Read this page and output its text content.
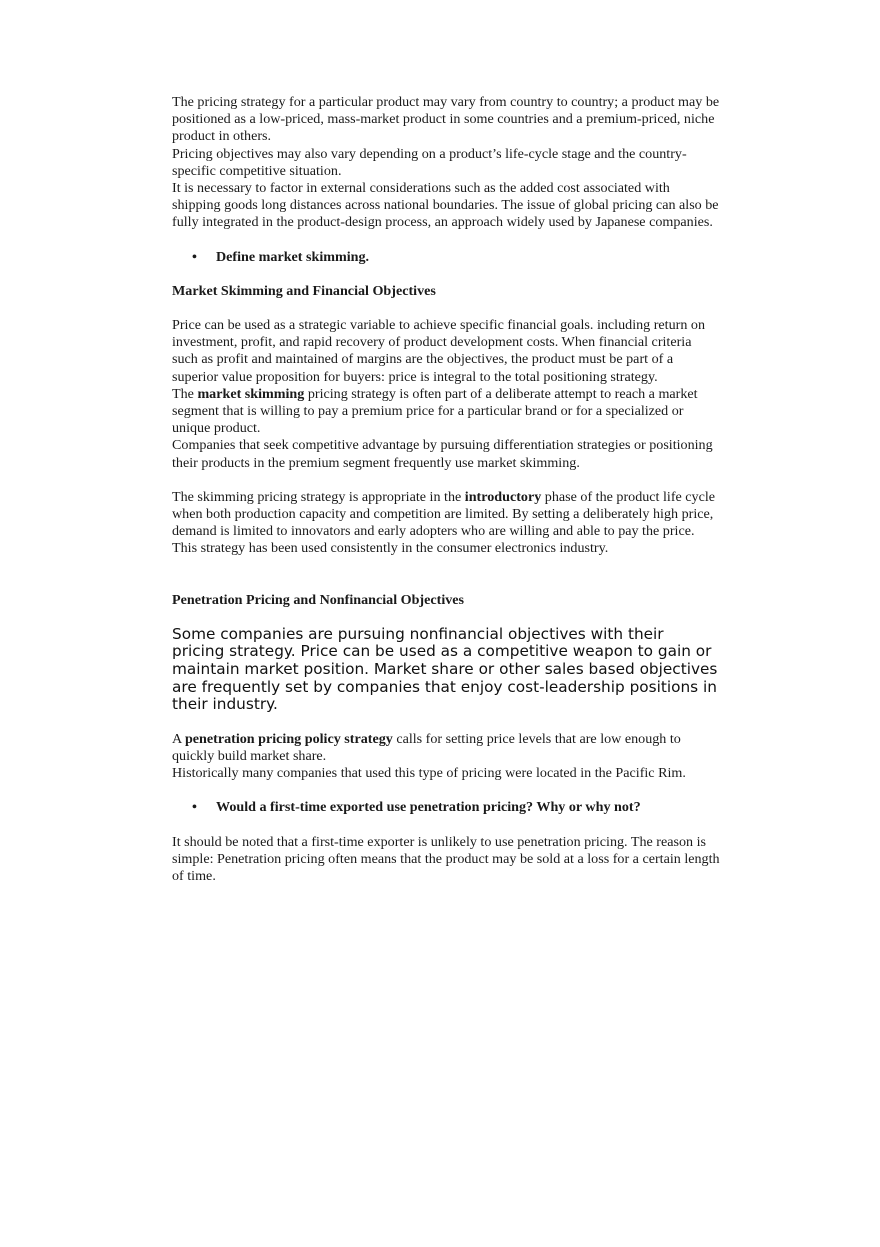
The pricing strategy for a particular product may vary from country to country; a product may be positioned as a low-priced, mass-market product in some countries and a premium-priced, niche product in others.

Pricing objectives may also vary depending on a product’s life-cycle stage and the country-specific competitive situation.

It is necessary to factor in external considerations such as the added cost associated with shipping goods long distances across national boundaries. The issue of global pricing can also be fully integrated in the product-design process, an approach widely used by Japanese companies.

• Define market skimming.

Market Skimming and Financial Objectives

Price can be used as a strategic variable to achieve specific financial goals. including return on investment, profit, and rapid recovery of product development costs. When financial criteria such as profit and maintained of margins are the objectives, the product must be part of a superior value proposition for buyers: price is integral to the total positioning strategy.

The market skimming pricing strategy is often part of a deliberate attempt to reach a market segment that is willing to pay a premium price for a particular brand or for a specialized or unique product.

Companies that seek competitive advantage by pursuing differentiation strategies or positioning their products in the premium segment frequently use market skimming.

The skimming pricing strategy is appropriate in the introductory phase of the product life cycle when both production capacity and competition are limited. By setting a deliberately high price, demand is limited to innovators and early adopters who are willing and able to pay the price. This strategy has been used consistently in the consumer electronics industry.

Penetration Pricing and Nonfinancial Objectives

Some companies are pursuing nonfinancial objectives with their pricing strategy. Price can be used as a competitive weapon to gain or maintain market position. Market share or other sales based objectives are frequently set by companies that enjoy cost-leadership positions in their industry.

A penetration pricing policy strategy calls for setting price levels that are low enough to quickly build market share.

Historically many companies that used this type of pricing were located in the Pacific Rim.

• Would a first-time exported use penetration pricing? Why or why not?

It should be noted that a first-time exporter is unlikely to use penetration pricing. The reason is simple: Penetration pricing often means that the product may be sold at a loss for a certain length of time.
